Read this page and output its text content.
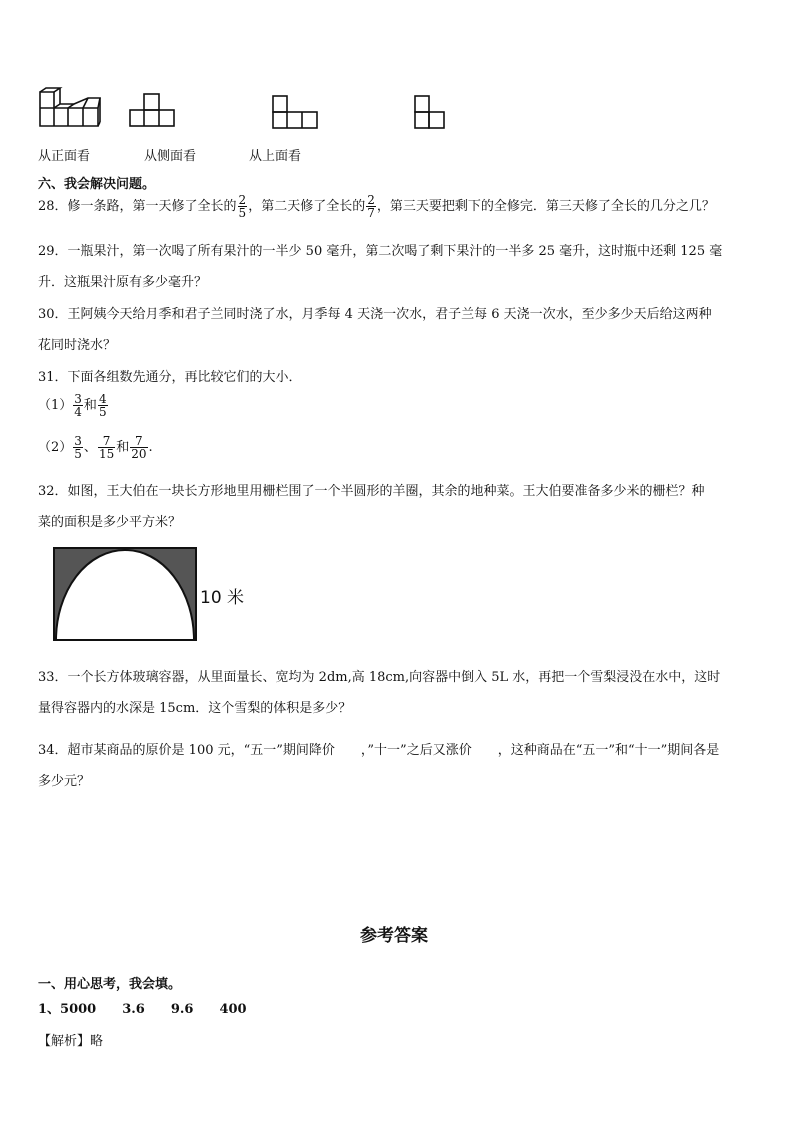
从正面看	从侧面看	从上面看
六、我会解决问题。
28．修一条路，第一天修了全长的 $\frac{2}{5}$ ，第二天修了全长的 $\frac{2}{7}$ ，第三天要把剩下的全修完．第三天修了全长的几分之几？
29．一瓶果汁，第一次喝了所有果汁的一半少 50 毫升，第二次喝了剩下果汁的一半多 25 毫升，这时瓶中还剩 125 毫
升．这瓶果汁原有多少毫升？
30．王阿姨今天给月季和君子兰同时浇了水，月季每 4 天浇一次水，君子兰每 6 天浇一次水，至少多少天后给这两种
花同时浇水？
31．下面各组数先通分，再比较它们的大小．
$(1) \frac{3}{4}$ 和 $\frac{4}{5}$
$(2) \frac{3}{5}$ 、 $\frac{7}{15}$ 和 $\frac{7}{20}$ .
32．如图，王大伯在一块长方形地里用栅栏围了一个半圆形的羊圈，其余的地种菜。王大伯要准备多少米的栅栏？种
菜的面积是多少平方米？
10 米
33．一个长方体玻璃容器，从里面量长、宽均为 2dm,高 18cm,向容器中倒入 5L 水，再把一个雪梨浸没在水中，这时
量得容器内的水深是 15cm．这个雪梨的体积是多少？
34．超市某商品的原价是 100 元，“五一”期间降价　　，”十一”之后又涨价　　，这种商品在“五一”和“十一”期间各是
多少元？
参考答案
一、用心思考，我会填。
1、5000　　3.6　　9.6　　400
【解析】略
